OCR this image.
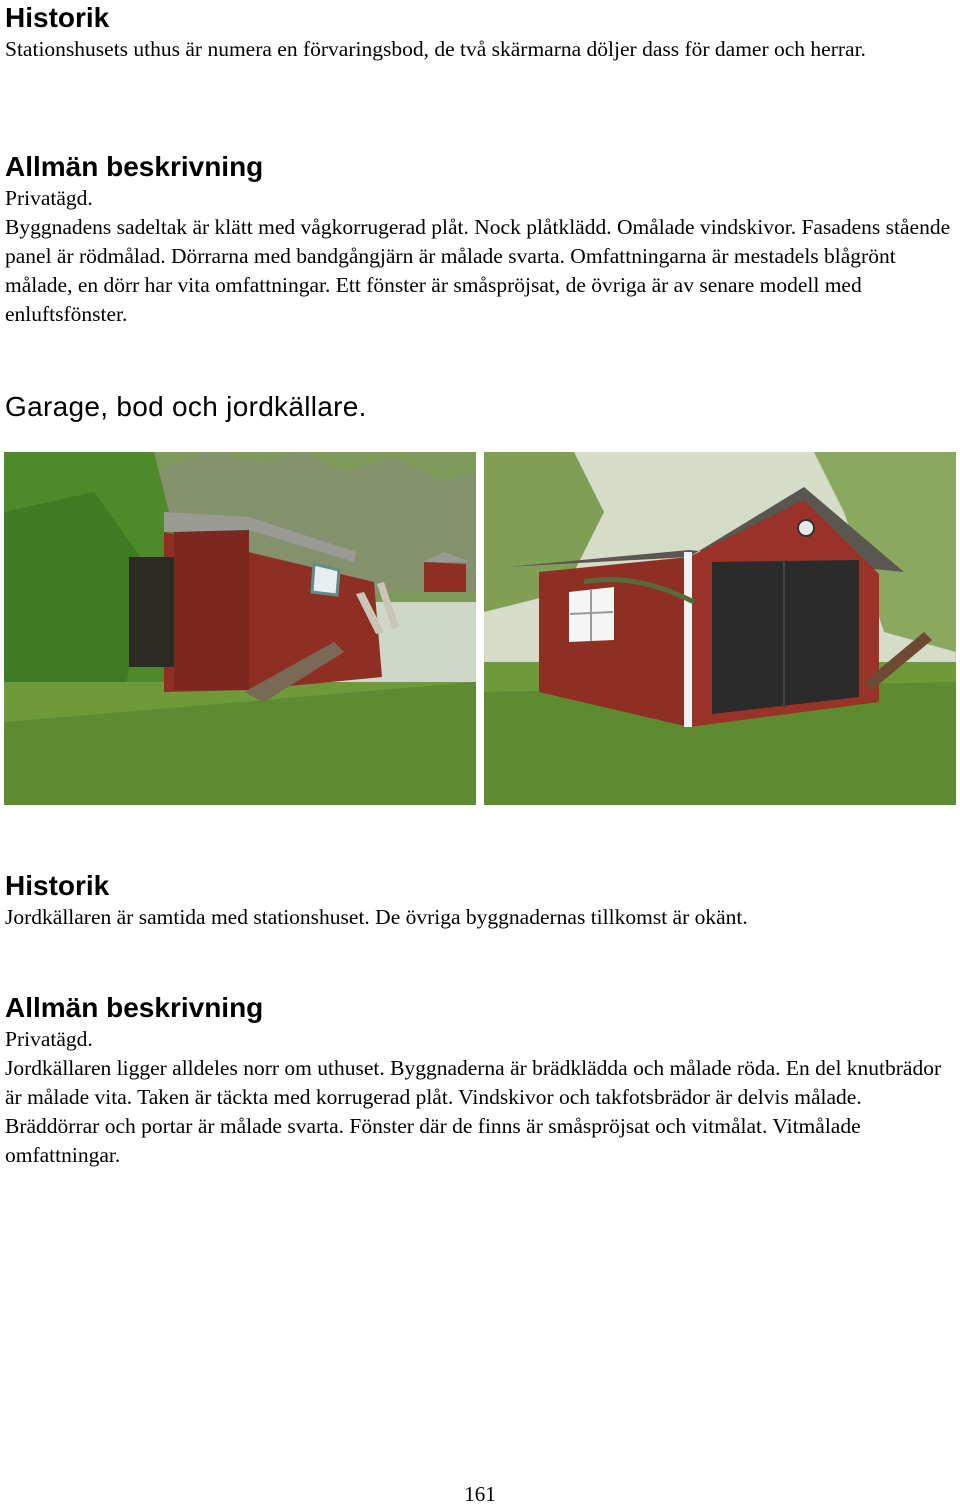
Historik

Stationshusets uthus är numera en förvaringsbod, de två skärmarna döljer dass för damer och herrar.

Allmän beskrivning

Privatägd.

Byggnadens sadeltak är klätt med vågkorrugerad plåt. Nock plåtklädd. Omålade vindskivor. Fasadens stående panel är rödmålad. Dörrarna med bandgångjärn är målade svarta. Omfattningarna är mestadels blågrönt målade, en dörr har vita omfattningar. Ett fönster är småspröjsat, de övriga är av senare modell med enluftsfönster.

Garage, bod och jordkällare.
Historik

Jordkällaren är samtida med stationshuset. De övriga byggnadernas tillkomst är okänt.

Allmän beskrivning

Privatägd.

Jordkällaren ligger alldeles norr om uthuset. Byggnaderna är brädklädda och målade röda. En del knutbrädor är målade vita. Taken är täckta med korrugerad plåt. Vindskivor och takfotsbrädor är delvis målade. Bräddörrar och portar är målade svarta. Fönster där de finns är småspröjsat och vitmålat. Vitmålade omfattningar.

161
